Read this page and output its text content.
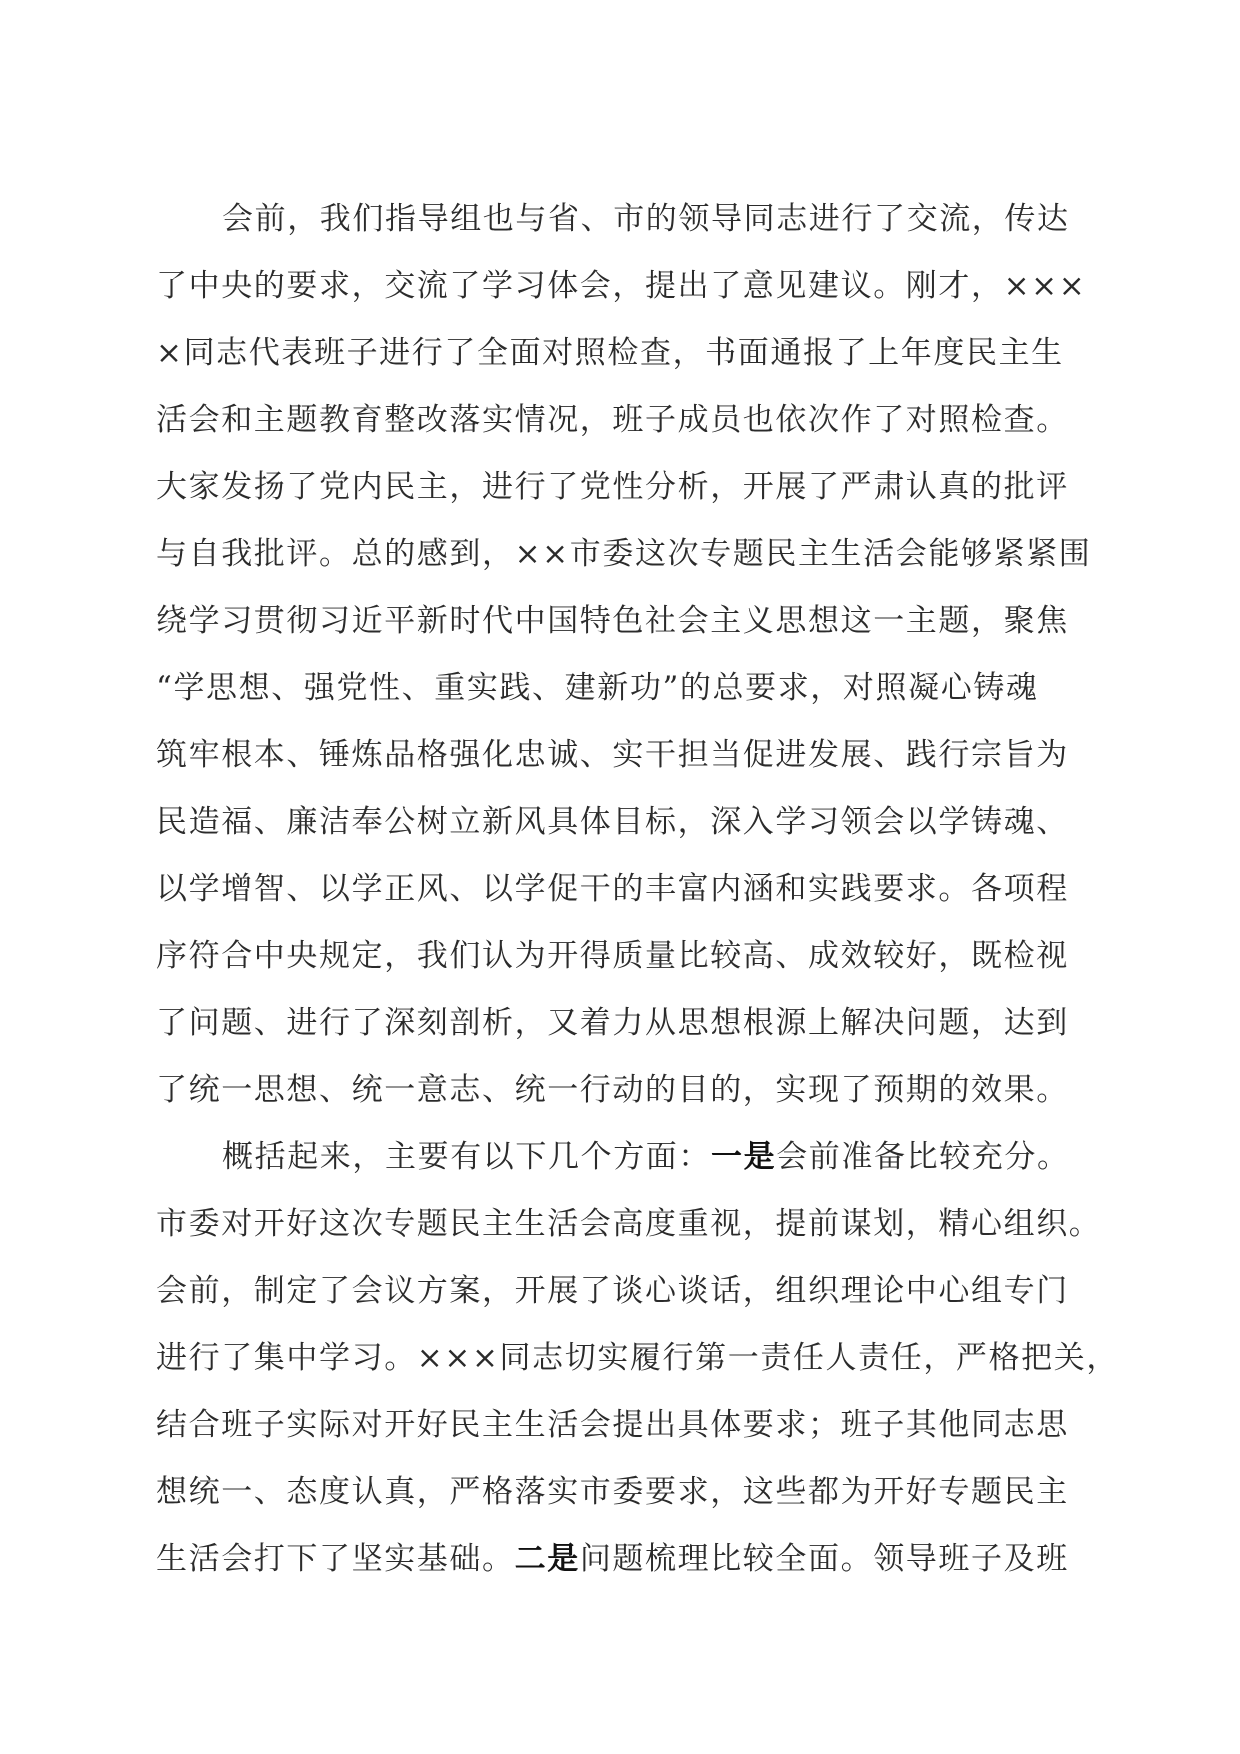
会前，我们指导组也与省、市的领导同志进行了交流，传达
了中央的要求，交流了学习体会，提出了意见建议。刚才，×××
×同志代表班子进行了全面对照检查，书面通报了上年度民主生
活会和主题教育整改落实情况，班子成员也依次作了对照检查。
大家发扬了党内民主，进行了党性分析，开展了严肃认真的批评
与自我批评。总的感到，××市委这次专题民主生活会能够紧紧围
绕学习贯彻习近平新时代中国特色社会主义思想这一主题，聚焦
“学思想、强党性、重实践、建新功”的总要求，对照凝心铸魂
筑牢根本、锤炼品格强化忠诚、实干担当促进发展、践行宗旨为
民造福、廉洁奉公树立新风具体目标，深入学习领会以学铸魂、
以学增智、以学正风、以学促干的丰富内涵和实践要求。各项程
序符合中央规定，我们认为开得质量比较高、成效较好，既检视
了问题、进行了深刻剖析，又着力从思想根源上解决问题，达到
了统一思想、统一意志、统一行动的目的，实现了预期的效果。
概括起来，主要有以下几个方面：一是会前准备比较充分。
市委对开好这次专题民主生活会高度重视，提前谋划，精心组织。
会前，制定了会议方案，开展了谈心谈话，组织理论中心组专门
进行了集中学习。×××同志切实履行第一责任人责任，严格把关，
结合班子实际对开好民主生活会提出具体要求；班子其他同志思
想统一、态度认真，严格落实市委要求，这些都为开好专题民主
生活会打下了坚实基础。二是问题梳理比较全面。领导班子及班
